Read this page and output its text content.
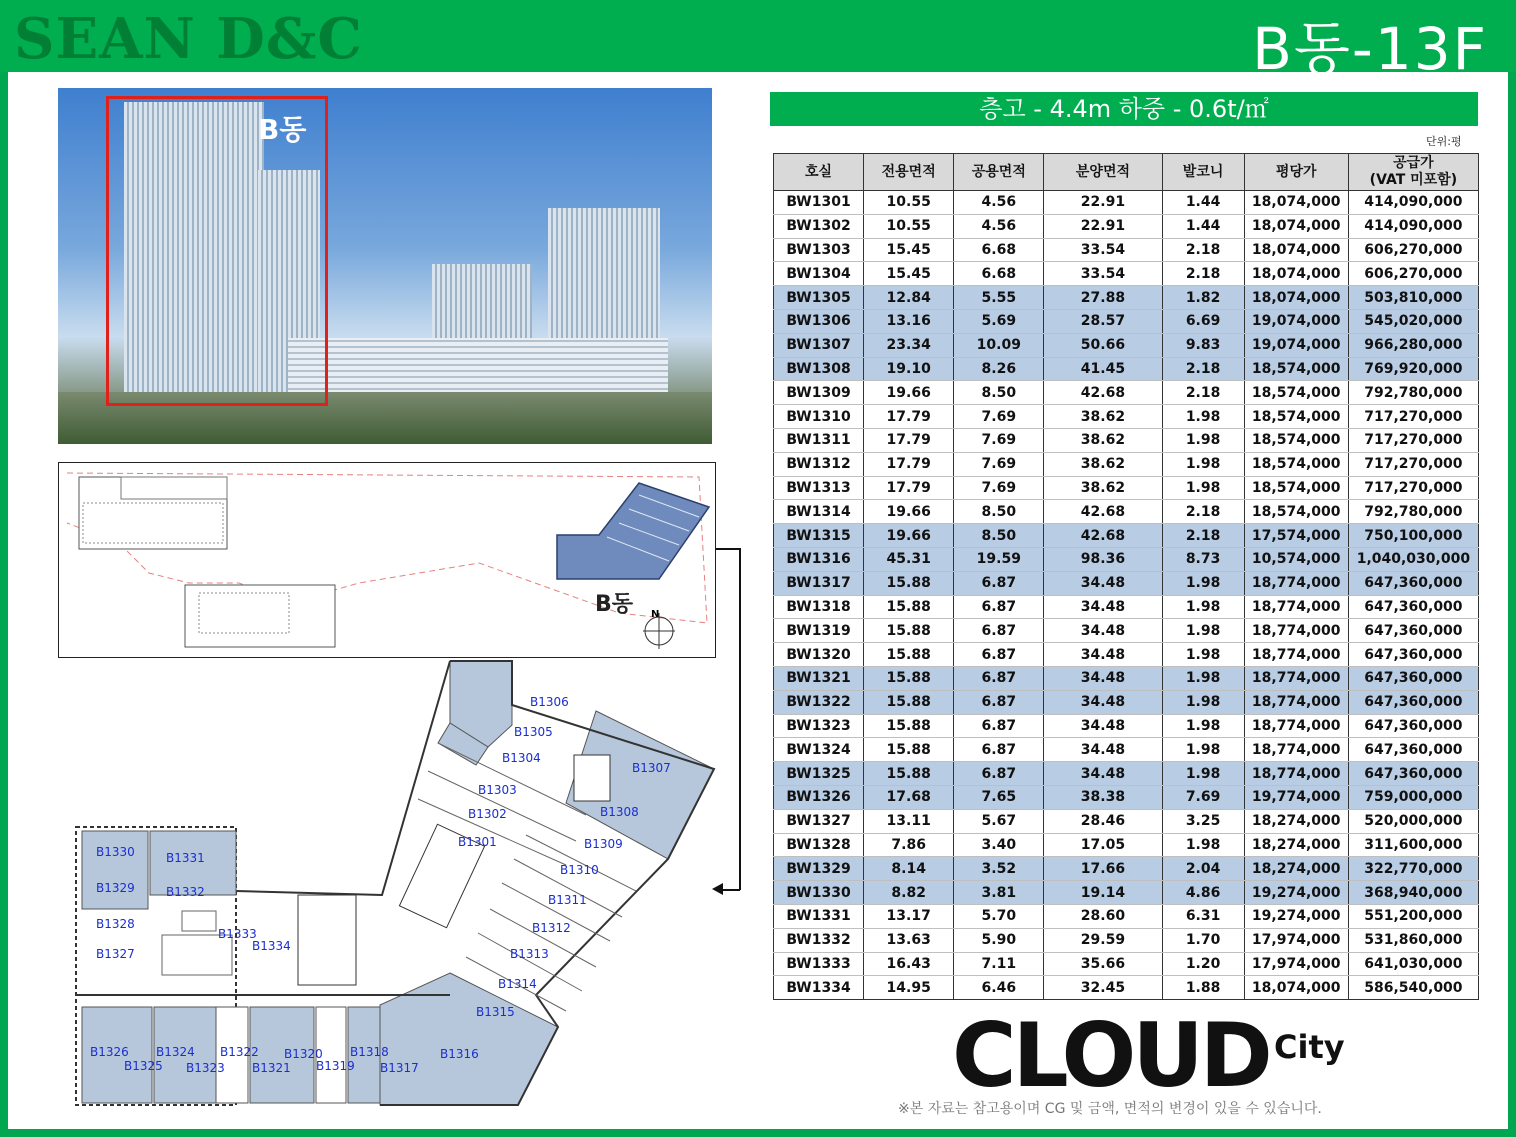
SEAN D&C	B동-13F
B동
N
B동
B1306
B1305
B1304
B1307
B1303
B1302	B1308
B1301	B1309
B1310
B1311
B1312
B1313
B1314
B1315
B1316
B1317
B1318
B1319
B1320
B1321
B1322
B1323
B1324
B1325
B1326
B1327
B1328
B1329
B1330	B1331
B1332
B1333
B1334
층고 - 4.4m 하중 - 0.6t/㎡
단위:평
호실	전용면적	공용면적	분양면적	발코니	평당가	공급가
(VAT 미포함)
BW1301	10.55	4.56	22.91	1.44	18,074,000	414,090,000
BW1302	10.55	4.56	22.91	1.44	18,074,000	414,090,000
BW1303	15.45	6.68	33.54	2.18	18,074,000	606,270,000
BW1304	15.45	6.68	33.54	2.18	18,074,000	606,270,000
BW1305	12.84	5.55	27.88	1.82	18,074,000	503,810,000
BW1306	13.16	5.69	28.57	6.69	19,074,000	545,020,000
BW1307	23.34	10.09	50.66	9.83	19,074,000	966,280,000
BW1308	19.10	8.26	41.45	2.18	18,574,000	769,920,000
BW1309	19.66	8.50	42.68	2.18	18,574,000	792,780,000
BW1310	17.79	7.69	38.62	1.98	18,574,000	717,270,000
BW1311	17.79	7.69	38.62	1.98	18,574,000	717,270,000
BW1312	17.79	7.69	38.62	1.98	18,574,000	717,270,000
BW1313	17.79	7.69	38.62	1.98	18,574,000	717,270,000
BW1314	19.66	8.50	42.68	2.18	18,574,000	792,780,000
BW1315	19.66	8.50	42.68	2.18	17,574,000	750,100,000
BW1316	45.31	19.59	98.36	8.73	10,574,000	1,040,030,000
BW1317	15.88	6.87	34.48	1.98	18,774,000	647,360,000
BW1318	15.88	6.87	34.48	1.98	18,774,000	647,360,000
BW1319	15.88	6.87	34.48	1.98	18,774,000	647,360,000
BW1320	15.88	6.87	34.48	1.98	18,774,000	647,360,000
BW1321	15.88	6.87	34.48	1.98	18,774,000	647,360,000
BW1322	15.88	6.87	34.48	1.98	18,774,000	647,360,000
BW1323	15.88	6.87	34.48	1.98	18,774,000	647,360,000
BW1324	15.88	6.87	34.48	1.98	18,774,000	647,360,000
BW1325	15.88	6.87	34.48	1.98	18,774,000	647,360,000
BW1326	17.68	7.65	38.38	7.69	19,774,000	759,000,000
BW1327	13.11	5.67	28.46	3.25	18,274,000	520,000,000
BW1328	7.86	3.40	17.05	1.98	18,274,000	311,600,000
BW1329	8.14	3.52	17.66	2.04	18,274,000	322,770,000
BW1330	8.82	3.81	19.14	4.86	19,274,000	368,940,000
BW1331	13.17	5.70	28.60	6.31	19,274,000	551,200,000
BW1332	13.63	5.90	29.59	1.70	17,974,000	531,860,000
BW1333	16.43	7.11	35.66	1.20	17,974,000	641,030,000
BW1334	14.95	6.46	32.45	1.88	18,074,000	586,540,000
CLOUD City
※본 자료는 참고용이며 CG 및 금액, 면적의 변경이 있을 수 있습니다.
